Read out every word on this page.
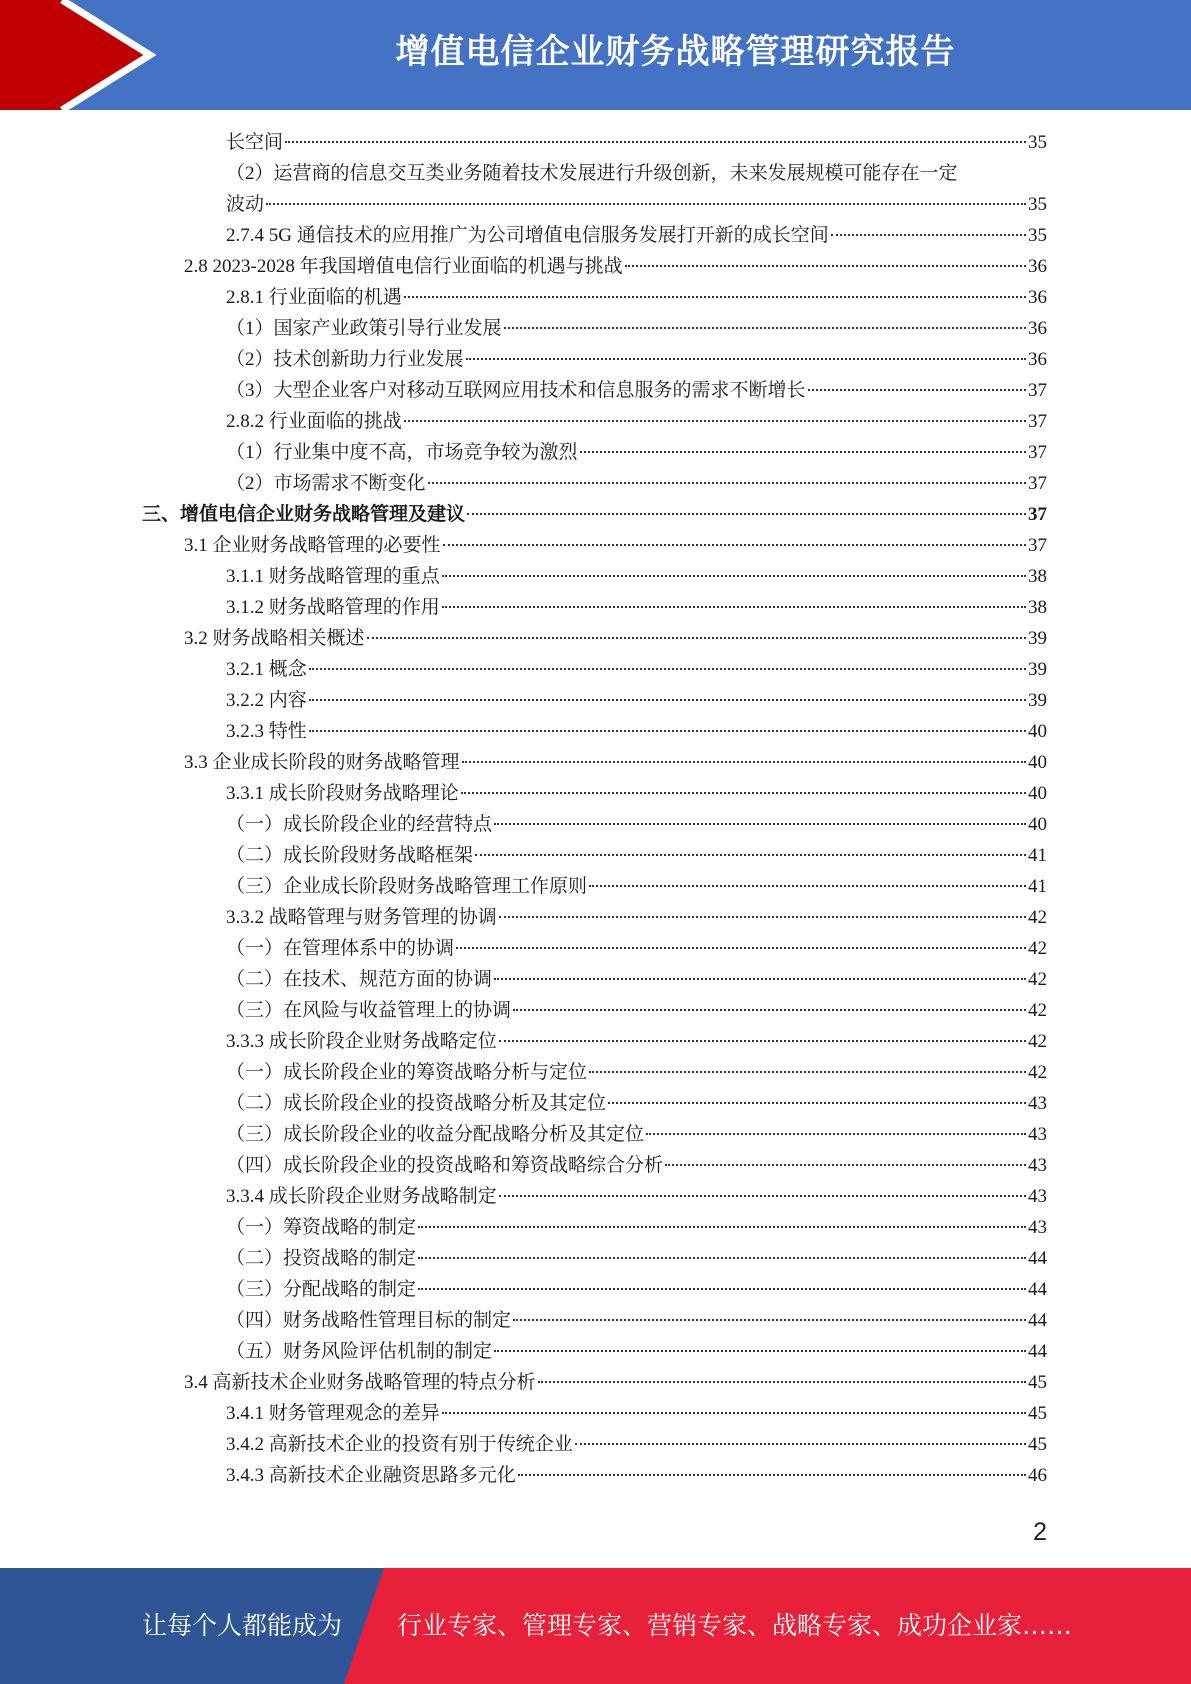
增值电信企业财务战略管理研究报告
长空间	35
（2）运营商的信息交互类业务随着技术发展进行升级创新，未来发展规模可能存在一定
波动	35
2.7.4 5G 通信技术的应用推广为公司增值电信服务发展打开新的成长空间	35
2.8 2023-2028 年我国增值电信行业面临的机遇与挑战	36
2.8.1 行业面临的机遇	36
（1）国家产业政策引导行业发展	36
（2）技术创新助力行业发展	36
（3）大型企业客户对移动互联网应用技术和信息服务的需求不断增长	37
2.8.2 行业面临的挑战	37
（1）行业集中度不高，市场竞争较为激烈	37
（2）市场需求不断变化	37
三、增值电信企业财务战略管理及建议	37
3.1 企业财务战略管理的必要性	37
3.1.1 财务战略管理的重点	38
3.1.2 财务战略管理的作用	38
3.2 财务战略相关概述	39
3.2.1 概念	39
3.2.2 内容	39
3.2.3 特性	40
3.3 企业成长阶段的财务战略管理	40
3.3.1 成长阶段财务战略理论	40
（一）成长阶段企业的经营特点	40
（二）成长阶段财务战略框架	41
（三）企业成长阶段财务战略管理工作原则	41
3.3.2 战略管理与财务管理的协调	42
（一）在管理体系中的协调	42
（二）在技术、规范方面的协调	42
（三）在风险与收益管理上的协调	42
3.3.3 成长阶段企业财务战略定位	42
（一）成长阶段企业的筹资战略分析与定位	42
（二）成长阶段企业的投资战略分析及其定位	43
（三）成长阶段企业的收益分配战略分析及其定位	43
（四）成长阶段企业的投资战略和筹资战略综合分析	43
3.3.4 成长阶段企业财务战略制定	43
（一）筹资战略的制定	43
（二）投资战略的制定	44
（三）分配战略的制定	44
（四）财务战略性管理目标的制定	44
（五）财务风险评估机制的制定	44
3.4 高新技术企业财务战略管理的特点分析	45
3.4.1 财务管理观念的差异	45
3.4.2 高新技术企业的投资有别于传统企业	45
3.4.3 高新技术企业融资思路多元化	46
2
让每个人都能成为 行业专家、管理专家、营销专家、战略专家、成功企业家……
